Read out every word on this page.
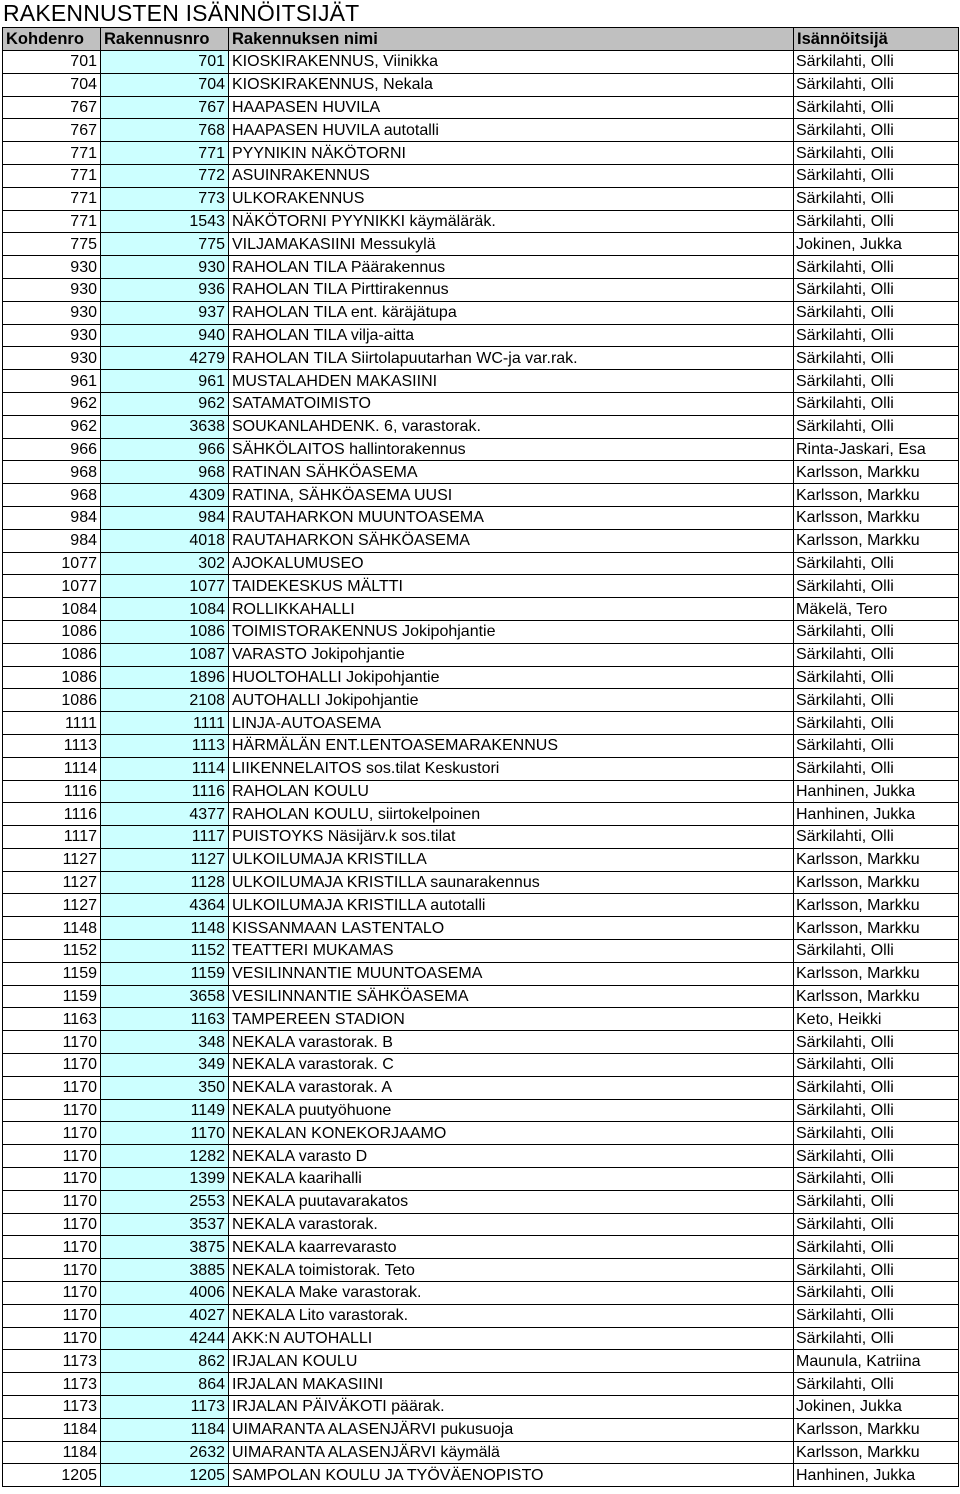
RAKENNUSTEN ISÄNNÖITSIJÄT
Kohdenro	Rakennusnro	Rakennuksen nimi	Isännöitsijä
701	701	KIOSKIRAKENNUS, Viinikka	Särkilahti, Olli
704	704	KIOSKIRAKENNUS, Nekala	Särkilahti, Olli
767	767	HAAPASEN HUVILA	Särkilahti, Olli
767	768	HAAPASEN HUVILA autotalli	Särkilahti, Olli
771	771	PYYNIKIN NÄKÖTORNI	Särkilahti, Olli
771	772	ASUINRAKENNUS	Särkilahti, Olli
771	773	ULKORAKENNUS	Särkilahti, Olli
771	1543	NÄKÖTORNI PYYNIKKI käymäläräk.	Särkilahti, Olli
775	775	VILJAMAKASIINI Messukylä	Jokinen, Jukka
930	930	RAHOLAN TILA Päärakennus	Särkilahti, Olli
930	936	RAHOLAN TILA Pirttirakennus	Särkilahti, Olli
930	937	RAHOLAN TILA ent. käräjätupa	Särkilahti, Olli
930	940	RAHOLAN TILA vilja-aitta	Särkilahti, Olli
930	4279	RAHOLAN TILA Siirtolapuutarhan WC-ja var.rak.	Särkilahti, Olli
961	961	MUSTALAHDEN MAKASIINI	Särkilahti, Olli
962	962	SATAMATOIMISTO	Särkilahti, Olli
962	3638	SOUKANLAHDENK. 6, varastorak.	Särkilahti, Olli
966	966	SÄHKÖLAITOS hallintorakennus	Rinta-Jaskari, Esa
968	968	RATINAN SÄHKÖASEMA	Karlsson, Markku
968	4309	RATINA, SÄHKÖASEMA UUSI	Karlsson, Markku
984	984	RAUTAHARKON MUUNTOASEMA	Karlsson, Markku
984	4018	RAUTAHARKON SÄHKÖASEMA	Karlsson, Markku
1077	302	AJOKALUMUSEO	Särkilahti, Olli
1077	1077	TAIDEKESKUS MÄLTTI	Särkilahti, Olli
1084	1084	ROLLIKKAHALLI	Mäkelä, Tero
1086	1086	TOIMISTORAKENNUS Jokipohjantie	Särkilahti, Olli
1086	1087	VARASTO Jokipohjantie	Särkilahti, Olli
1086	1896	HUOLTOHALLI Jokipohjantie	Särkilahti, Olli
1086	2108	AUTOHALLI Jokipohjantie	Särkilahti, Olli
1111	1111	LINJA-AUTOASEMA	Särkilahti, Olli
1113	1113	HÄRMÄLÄN ENT.LENTOASEMARAKENNUS	Särkilahti, Olli
1114	1114	LIIKENNELAITOS sos.tilat Keskustori	Särkilahti, Olli
1116	1116	RAHOLAN KOULU	Hanhinen, Jukka
1116	4377	RAHOLAN KOULU, siirtokelpoinen	Hanhinen, Jukka
1117	1117	PUISTOYKS Näsijärv.k sos.tilat	Särkilahti, Olli
1127	1127	ULKOILUMAJA KRISTILLA	Karlsson, Markku
1127	1128	ULKOILUMAJA KRISTILLA saunarakennus	Karlsson, Markku
1127	4364	ULKOILUMAJA KRISTILLA autotalli	Karlsson, Markku
1148	1148	KISSANMAAN LASTENTALO	Karlsson, Markku
1152	1152	TEATTERI MUKAMAS	Särkilahti, Olli
1159	1159	VESILINNANTIE MUUNTOASEMA	Karlsson, Markku
1159	3658	VESILINNANTIE SÄHKÖASEMA	Karlsson, Markku
1163	1163	TAMPEREEN STADION	Keto, Heikki
1170	348	NEKALA varastorak. B	Särkilahti, Olli
1170	349	NEKALA varastorak. C	Särkilahti, Olli
1170	350	NEKALA varastorak. A	Särkilahti, Olli
1170	1149	NEKALA puutyöhuone	Särkilahti, Olli
1170	1170	NEKALAN KONEKORJAAMO	Särkilahti, Olli
1170	1282	NEKALA varasto D	Särkilahti, Olli
1170	1399	NEKALA kaarihalli	Särkilahti, Olli
1170	2553	NEKALA puutavarakatos	Särkilahti, Olli
1170	3537	NEKALA varastorak.	Särkilahti, Olli
1170	3875	NEKALA kaarrevarasto	Särkilahti, Olli
1170	3885	NEKALA toimistorak. Teto	Särkilahti, Olli
1170	4006	NEKALA Make varastorak.	Särkilahti, Olli
1170	4027	NEKALA Lito varastorak.	Särkilahti, Olli
1170	4244	AKK:N AUTOHALLI	Särkilahti, Olli
1173	862	IRJALAN KOULU	Maunula, Katriina
1173	864	IRJALAN MAKASIINI	Särkilahti, Olli
1173	1173	IRJALAN PÄIVÄKOTI päärak.	Jokinen, Jukka
1184	1184	UIMARANTA ALASENJÄRVI pukusuoja	Karlsson, Markku
1184	2632	UIMARANTA ALASENJÄRVI käymälä	Karlsson, Markku
1205	1205	SAMPOLAN KOULU JA TYÖVÄENOPISTO	Hanhinen, Jukka
